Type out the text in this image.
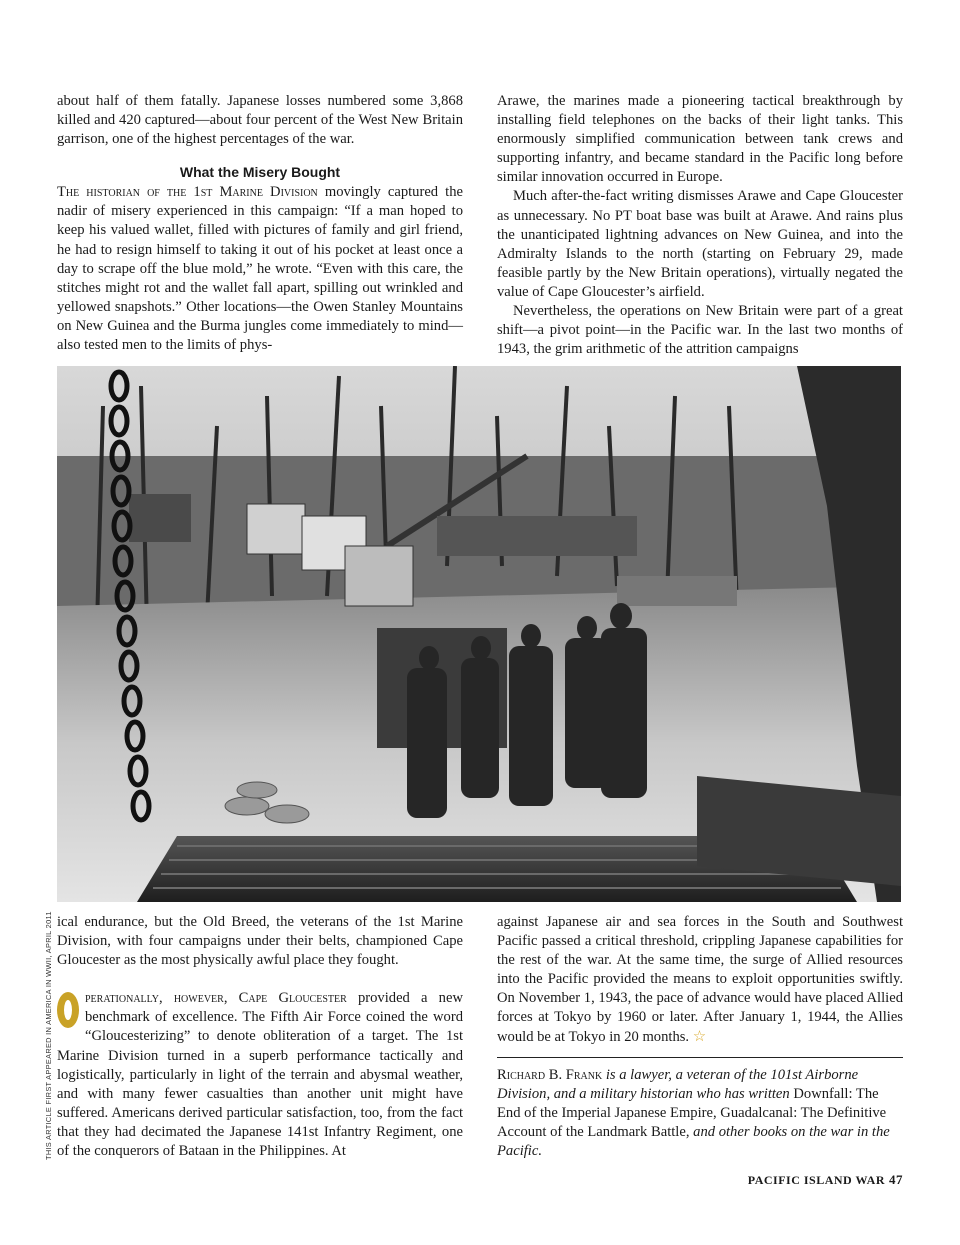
about half of them fatally. Japanese losses numbered some 3,868 killed and 420 captured—about four percent of the West New Britain garrison, one of the highest percentages of the war.

What the Misery Bought

The historian of the 1st Marine Division movingly captured the nadir of misery experienced in this campaign: “If a man hoped to keep his valued wallet, filled with pictures of family and girl friend, he had to resign himself to taking it out of his pocket at least once a day to scrape off the blue mold,” he wrote. “Even with this care, the stitches might rot and the wallet fall apart, spilling out wrinkled and yellowed snapshots.” Other locations—the Owen Stanley Mountains on New Guinea and the Burma jungles come immediately to mind—also tested men to the limits of phys-

Arawe, the marines made a pioneering tactical breakthrough by installing field telephones on the backs of their light tanks. This enormously simplified communication between tank crews and supporting infantry, and became standard in the Pacific long before similar innovation occurred in Europe.

Much after-the-fact writing dismisses Arawe and Cape Gloucester as unnecessary. No PT boat base was built at Arawe. And rains plus the unanticipated lightning advances on New Guinea, and into the Admiralty Islands to the north (starting on February 29, made feasible partly by the New Britain operations), virtually negated the value of Cape Gloucester’s airfield.

Nevertheless, the operations on New Britain were part of a great shift—a pivot point—in the Pacific war. In the last two months of 1943, the grim arithmetic of the attrition campaigns

ical endurance, but the Old Breed, the veterans of the 1st Marine Division, with four campaigns under their belts, championed Cape Gloucester as the most physically awful place they fought.

perationally, however, Cape Gloucester provided a new benchmark of excellence. The Fifth Air Force coined the word “Gloucesterizing” to denote obliteration of a target. The 1st Marine Division turned in a superb performance tactically and logistically, particularly in light of the terrain and abysmal weather, and with many fewer casualties than another unit might have suffered. Americans derived particular satisfaction, too, from the fact that they had decimated the Japanese 141st Infantry Regiment, one of the conquerors of Bataan in the Philippines. At

against Japanese air and sea forces in the South and Southwest Pacific passed a critical threshold, crippling Japanese capabilities for the rest of the war. At the same time, the surge of Allied resources into the Pacific provided the means to exploit opportunities swiftly. On November 1, 1943, the pace of advance would have placed Allied forces at Tokyo by 1960 or later. After January 1, 1944, the Allies would be at Tokyo in 20 months. ☆

Richard B. Frank is a lawyer, a veteran of the 101st Airborne Division, and a military historian who has written Downfall: The End of the Imperial Japanese Empire, Guadalcanal: The Definitive Account of the Landmark Battle, and other books on the war in the Pacific.

THIS ARTICLE FIRST APPEARED IN AMERICA IN WWII, APRIL 2011
PACIFIC ISLAND WAR 47
